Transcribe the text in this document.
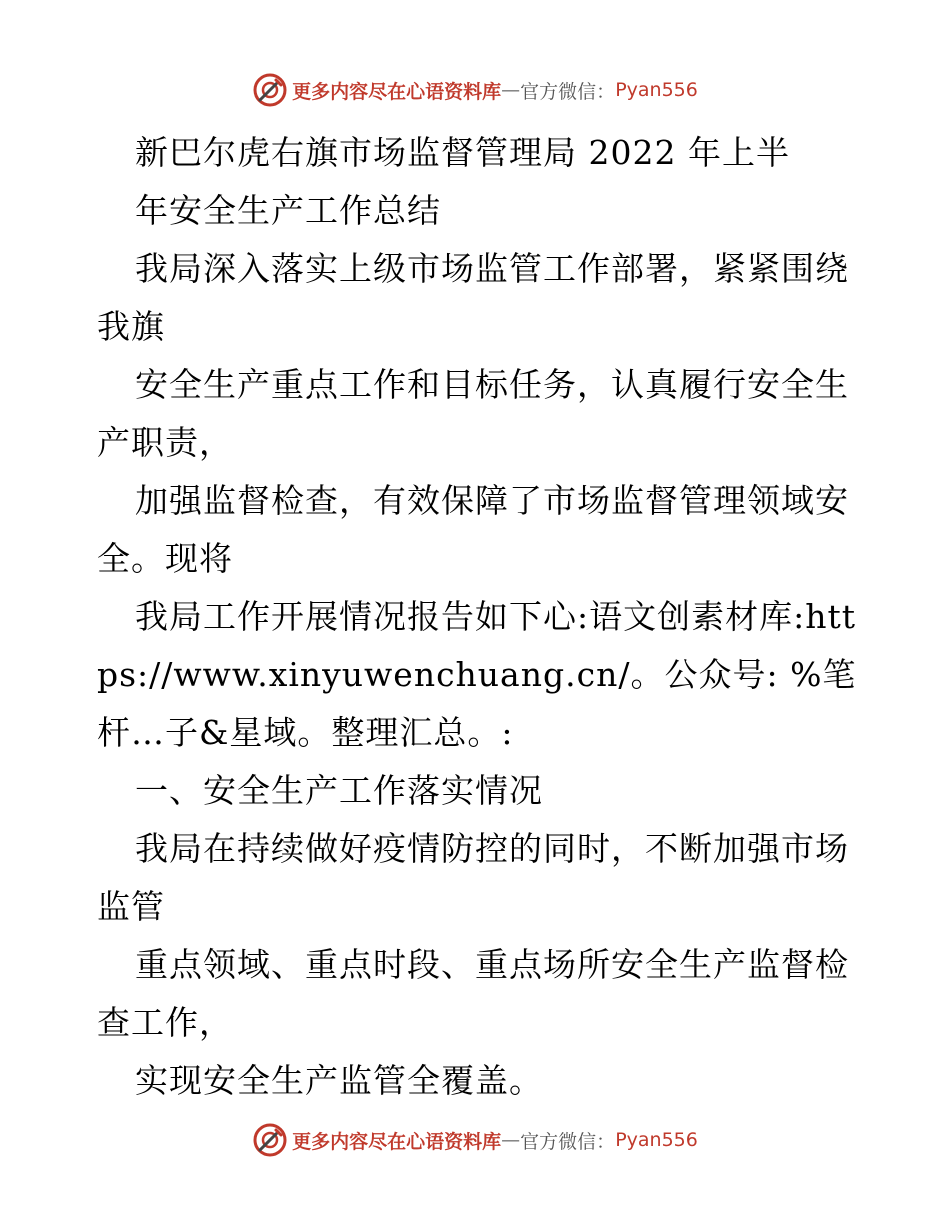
更多内容尽在心语资料库 — 官方微信： Pyan556

新巴尔虎右旗市场监督管理局 2022 年上半

年安全生产工作总结

我局深入落实上级市场监管工作部署，紧紧围绕我旗

安全生产重点工作和目标任务，认真履行安全生产职责，

加强监督检查，有效保障了市场监督管理领域安全。现将

我局工作开展情况报告如下心:语文创素材库:https://www.xinyuwenchuang.cn/。公众号: %笔杆…子&星域。整理汇总。:

一、安全生产工作落实情况

我局在持续做好疫情防控的同时，不断加强市场监管

重点领域、重点时段、重点场所安全生产监督检查工作，

实现安全生产监管全覆盖。

更多内容尽在心语资料库 — 官方微信： Pyan556
